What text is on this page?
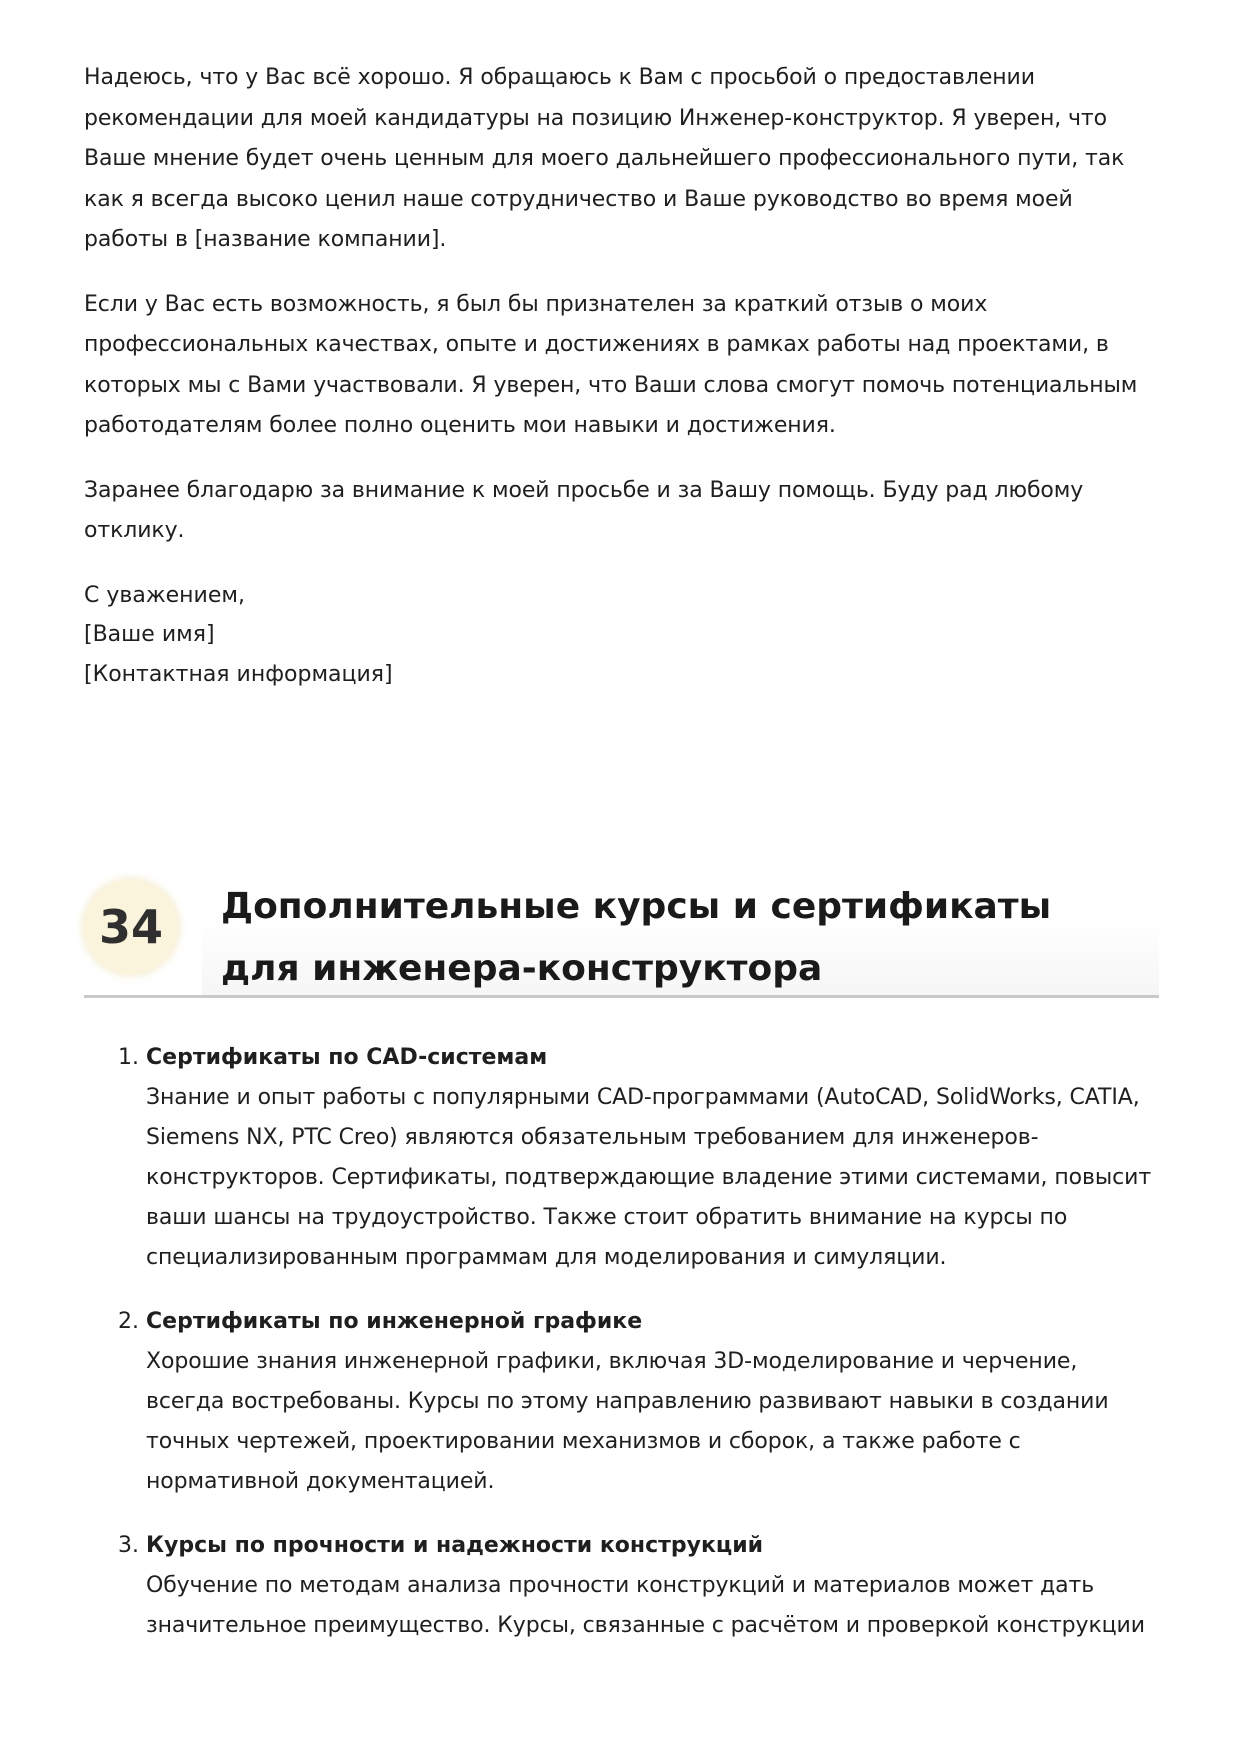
Надеюсь, что у Вас всё хорошо. Я обращаюсь к Вам с просьбой о предоставлении рекомендации для моей кандидатуры на позицию Инженер-конструктор. Я уверен, что Ваше мнение будет очень ценным для моего дальнейшего профессионального пути, так как я всегда высоко ценил наше сотрудничество и Ваше руководство во время моей работы в [название компании].

Если у Вас есть возможность, я был бы признателен за краткий отзыв о моих профессиональных качествах, опыте и достижениях в рамках работы над проектами, в которых мы с Вами участвовали. Я уверен, что Ваши слова смогут помочь потенциальным работодателям более полно оценить мои навыки и достижения.

Заранее благодарю за внимание к моей просьбе и за Вашу помощь. Буду рад любому отклику.

С уважением,
[Ваше имя]
[Контактная информация]
34	Дополнительные курсы и сертификаты для инженера-конструктора
1. Сертификаты по CAD-системам

Знание и опыт работы с популярными CAD-программами (AutoCAD, SolidWorks, CATIA, Siemens NX, PTC Creo) являются обязательным требованием для инженеров-конструкторов. Сертификаты, подтверждающие владение этими системами, повысит ваши шансы на трудоустройство. Также стоит обратить внимание на курсы по специализированным программам для моделирования и симуляции.

2. Сертификаты по инженерной графике

Хорошие знания инженерной графики, включая 3D-моделирование и черчение, всегда востребованы. Курсы по этому направлению развивают навыки в создании точных чертежей, проектировании механизмов и сборок, а также работе с нормативной документацией.

3. Курсы по прочности и надежности конструкций

Обучение по методам анализа прочности конструкций и материалов может дать значительное преимущество. Курсы, связанные с расчётом и проверкой конструкции
